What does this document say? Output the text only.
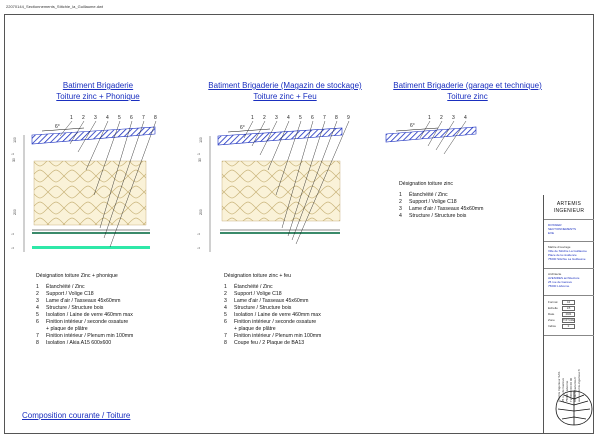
22070144_Sectionnements_Stitchie_la_Guillaume.dwt
Batiment Brigaderie
Toiture zinc + Phonique
Batiment Brigaderie (Magazin de stockage)
Toiture zinc + Feu
Batiment Brigaderie (garage et technique)
Toiture zinc
6°	6°	6°
1 2 3 4 5 6 7 8	1 2 3 4 5 6 7 8 9	1 2 3 4
100
1
30
200
1
1
100
1
30
200
1
1
Désignation toiture Zinc + phonique
1 Étanchéité / Zinc
2 Support / Volige C18
3 Lame d'air / Tasseaux 45x60mm
4 Structure / Structure bois
5 Isolation / Laine de verre 460mm max
6 Finition intérieur / seconde ossature
+ plaque de plâtre
7 Finition intérieur / Plenum min 100mm
8 Isolation / Akia A15 600x600
Désignation toiture zinc + feu
1 Étanchéité / Zinc
2 Support / Volige C18
3 Lame d'air / Tasseaux 45x60mm
4 Structure / Structure bois
5 Isolation / Laine de verre 460mm max
6 Finition intérieur / seconde ossature
+ plaque de plâtre
7 Finition intérieur / Plenum min 100mm
8 Coupe feu / 2 Plaque de BA13
Désignation toiture zinc
1 Étanchéité / Zinc
2 Support / Volige C18
3 Lame d'air / Tasseaux 45x60mm
4 Structure / Structure bois
Composition courante / Toiture
ARTEMIS
INGENIEUR
DOSSIER
SECTIONNEMENTS
EXE
Maître d'ouvrage
Ville de Stitchie La Guillaume
Place de la résidence
75000 Stitchie La Guillaume
Architecte
AVENIRES architecture
25 rue de Genève
75000 Lisbonne
Format	A3
Echelle	1/5
Date	2024
Zone	TOITURE
Indice	0
Artemis Ingenieur SAS 25 rue de Genève 75000 Lisbonne Tél 0000 00 00 00 contact@artemis.fr www.artemis-ingenieur.fr
